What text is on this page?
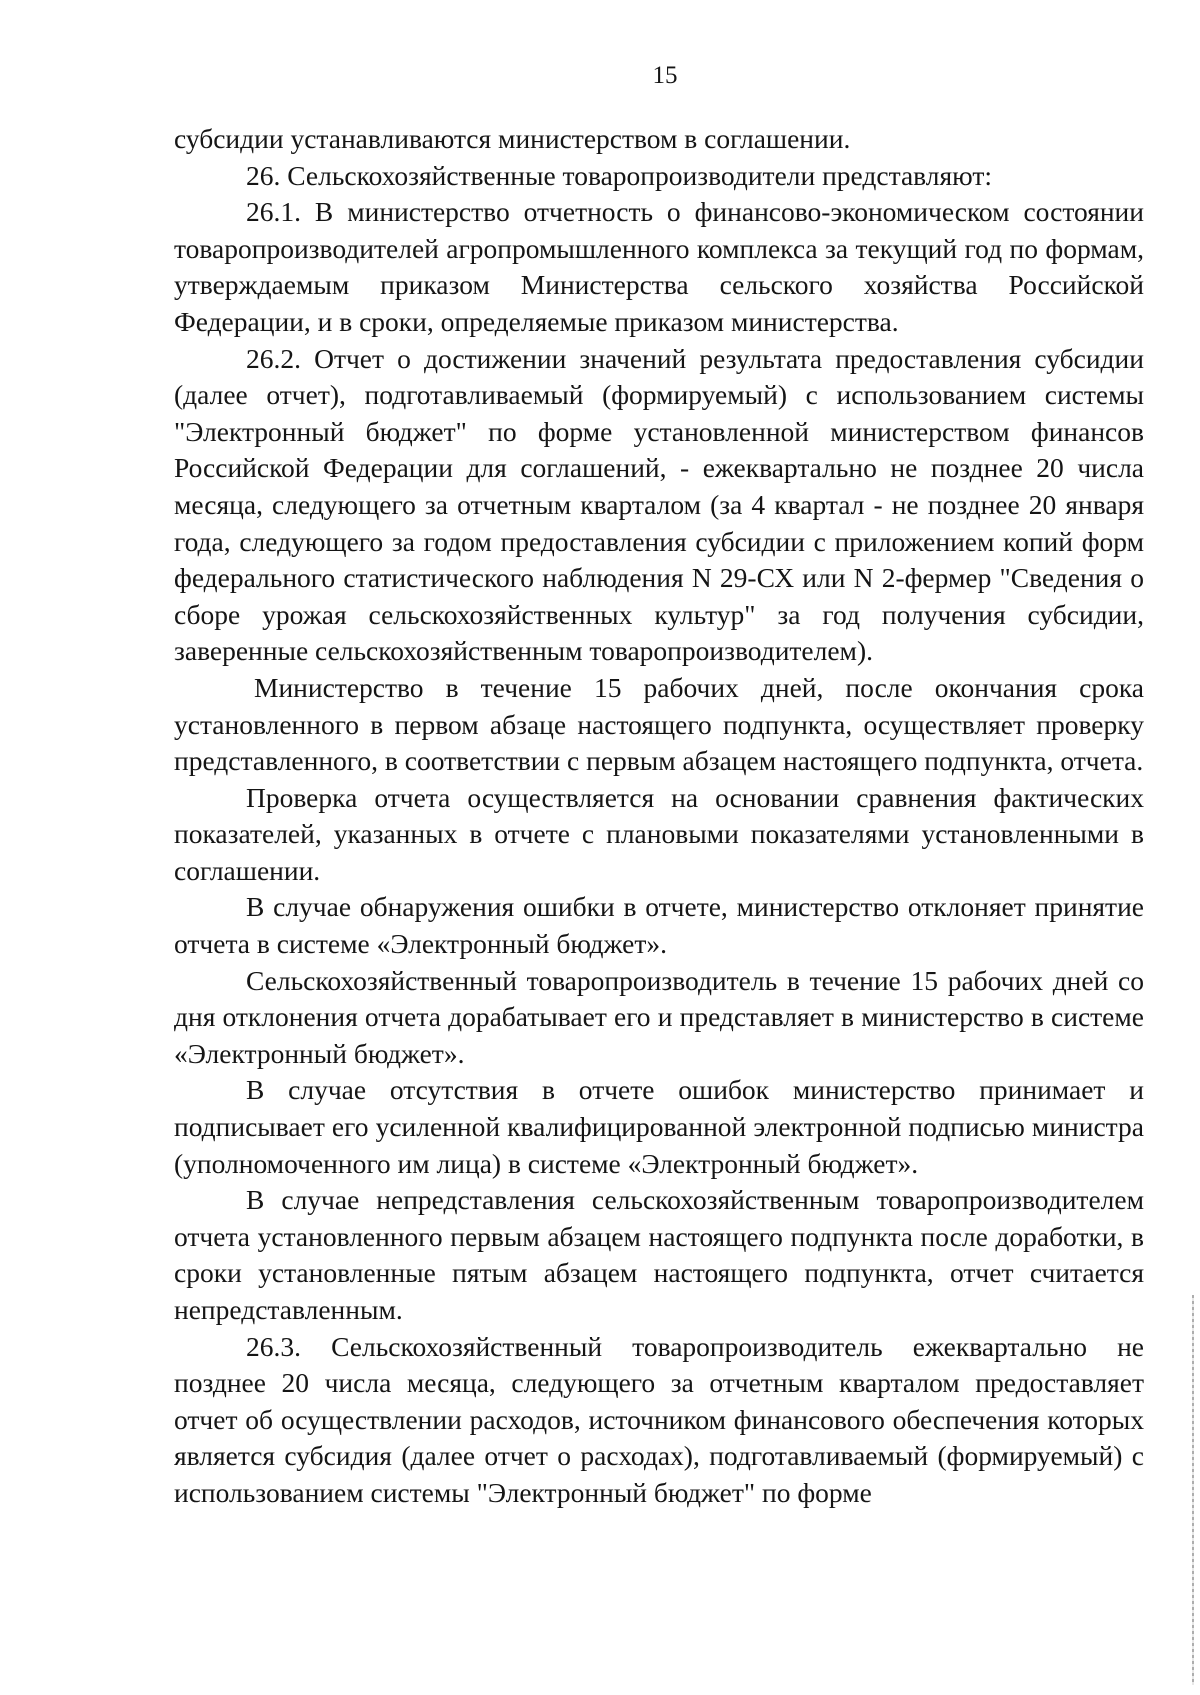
15

субсидии устанавливаются министерством в соглашении.

26. Сельскохозяйственные товаропроизводители представляют:

26.1. В министерство отчетность о финансово-экономическом состоянии товаропроизводителей агропромышленного комплекса за текущий год по формам, утверждаемым приказом Министерства сельского хозяйства Российской Федерации, и в сроки, определяемые приказом министерства.

26.2. Отчет о достижении значений результата предоставления субсидии (далее отчет), подготавливаемый (формируемый) с использованием системы "Электронный бюджет" по форме установленной министерством финансов Российской Федерации для соглашений, - ежеквартально не позднее 20 числа месяца, следующего за отчетным кварталом (за 4 квартал - не позднее 20 января года, следующего за годом предоставления субсидии с приложением копий форм федерального статистического наблюдения N 29-СХ или N 2-фермер "Сведения о сборе урожая сельскохозяйственных культур" за год получения субсидии, заверенные сельскохозяйственным товаропроизводителем).

Министерство в течение 15 рабочих дней, после окончания срока установленного в первом абзаце настоящего подпункта, осуществляет проверку представленного, в соответствии с первым абзацем настоящего подпункта, отчета.

Проверка отчета осуществляется на основании сравнения фактических показателей, указанных в отчете с плановыми показателями установленными в соглашении.

В случае обнаружения ошибки в отчете, министерство отклоняет принятие отчета в системе «Электронный бюджет».

Сельскохозяйственный товаропроизводитель в течение 15 рабочих дней со дня отклонения отчета дорабатывает его и представляет в министерство в системе «Электронный бюджет».

В случае отсутствия в отчете ошибок министерство принимает и подписывает его усиленной квалифицированной электронной подписью министра (уполномоченного им лица) в системе «Электронный бюджет».

В случае непредставления сельскохозяйственным товаропроизводителем отчета установленного первым абзацем настоящего подпункта после доработки, в сроки установленные пятым абзацем настоящего подпункта, отчет считается непредставленным.

26.3. Сельскохозяйственный товаропроизводитель ежеквартально не позднее 20 числа месяца, следующего за отчетным кварталом предоставляет отчет об осуществлении расходов, источником финансового обеспечения которых является субсидия (далее отчет о расходах), подготавливаемый (формируемый) с использованием системы "Электронный бюджет" по форме
